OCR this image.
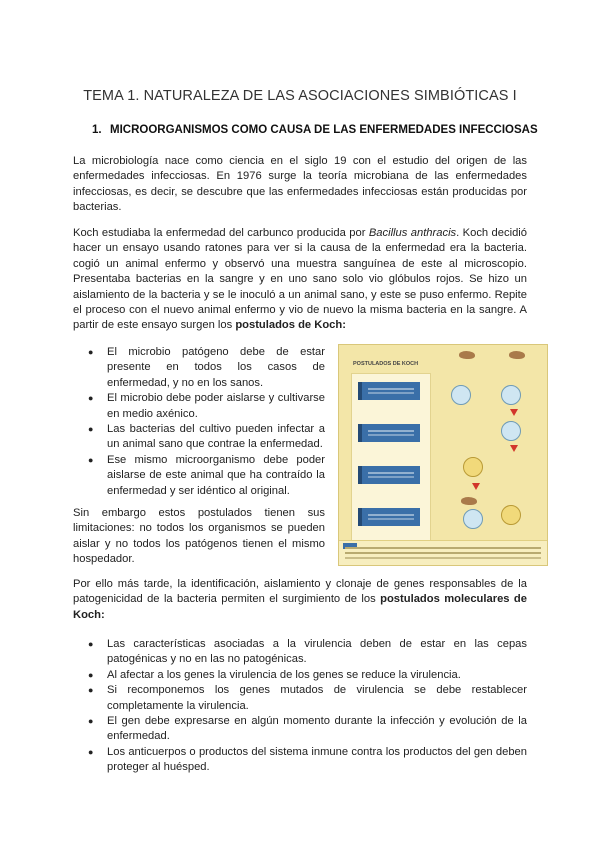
TEMA 1. NATURALEZA DE LAS ASOCIACIONES SIMBIÓTICAS I
1. MICROORGANISMOS COMO CAUSA DE LAS ENFERMEDADES INFECCIOSAS

La microbiología nace como ciencia en el siglo 19 con el estudio del origen de las enfermedades infecciosas. En 1976 surge la teoría microbiana de las enfermedades infecciosas, es decir, se descubre que las enfermedades infecciosas están producidas por bacterias.

Koch estudiaba la enfermedad del carbunco producida por Bacillus anthracis. Koch decidió hacer un ensayo usando ratones para ver si la causa de la enfermedad era la bacteria. cogió un animal enfermo y observó una muestra sanguínea de este al microscopio. Presentaba bacterias en la sangre y en uno sano solo vio glóbulos rojos. Se hizo un aislamiento de la bacteria y se le inoculó a un animal sano, y este se puso enfermo. Repite el proceso con el nuevo animal enfermo y vio de nuevo la misma bacteria en la sangre. A partir de este ensayo surgen los postulados de Koch:

● El microbio patógeno debe de estar presente en todos los casos de enfermedad, y no en los sanos.
● El microbio debe poder aislarse y cultivarse en medio axénico.
● Las bacterias del cultivo pueden infectar a un animal sano que contrae la enfermedad.
● Ese mismo microorganismo debe poder aislarse de este animal que ha contraído la enfermedad y ser idéntico al original.

Sin embargo estos postulados tienen sus limitaciones: no todos los organismos se pueden aislar y no todos los patógenos tienen el mismo hospedador.

POSTULADOS DE KOCH

Por ello más tarde, la identificación, aislamiento y clonaje de genes responsables de la patogenicidad de la bacteria permiten el surgimiento de los postulados moleculares de Koch:

● Las características asociadas a la virulencia deben de estar en las cepas patogénicas y no en las no patogénicas.
● Al afectar a los genes la virulencia de los genes se reduce la virulencia.
● Si recomponemos los genes mutados de virulencia se debe restablecer completamente la virulencia.
● El gen debe expresarse en algún momento durante la infección y evolución de la enfermedad.
● Los anticuerpos o productos del sistema inmune contra los productos del gen deben proteger al huésped.
